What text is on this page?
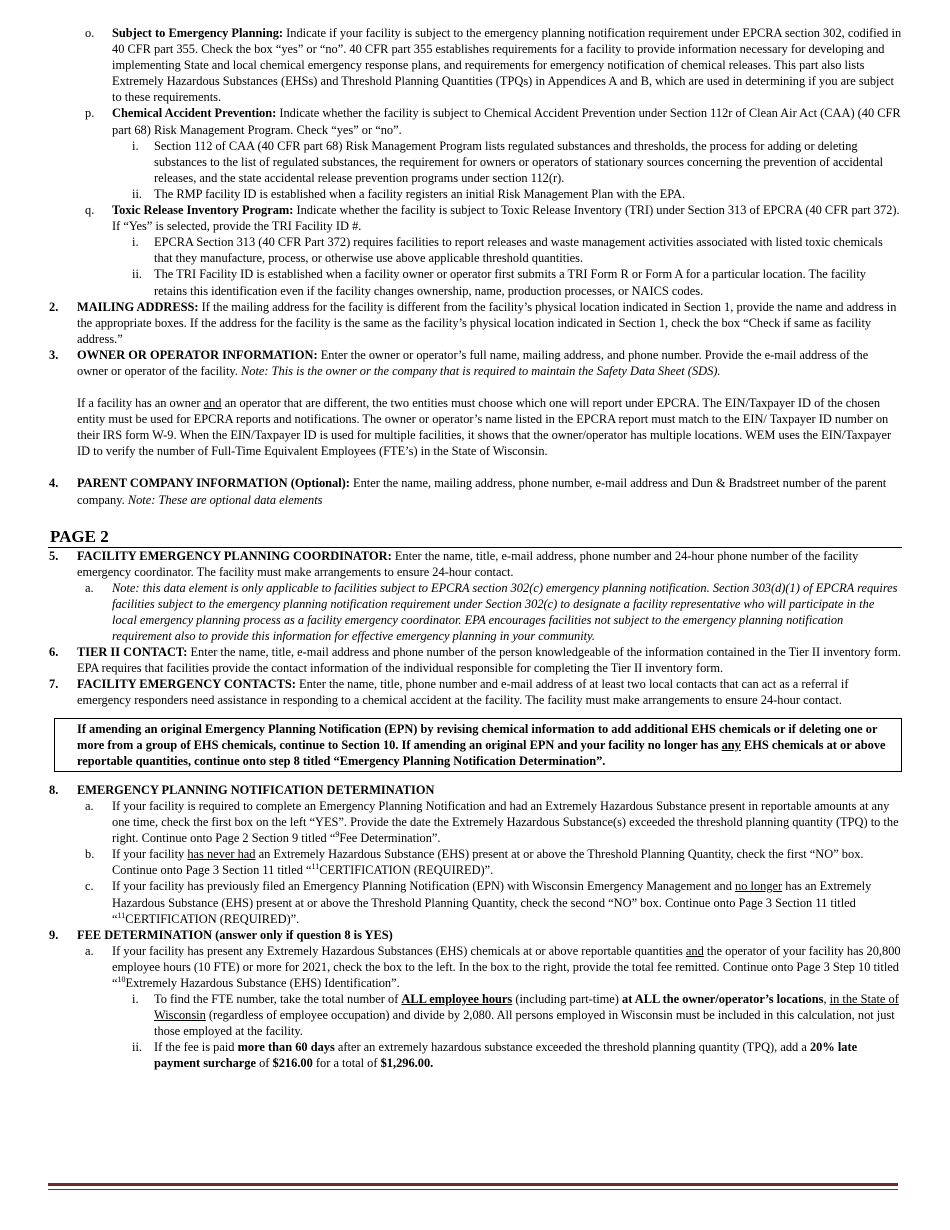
o. Subject to Emergency Planning: Indicate if your facility is subject to the emergency planning notification requirement under EPCRA section 302, codified in 40 CFR part 355. Check the box “yes” or “no”. 40 CFR part 355 establishes requirements for a facility to provide information necessary for developing and implementing State and local chemical emergency response plans, and requirements for emergency notification of chemical releases. This part also lists Extremely Hazardous Substances (EHSs) and Threshold Planning Quantities (TPQs) in Appendices A and B, which are used in determining if you are subject to these requirements.
p. Chemical Accident Prevention: Indicate whether the facility is subject to Chemical Accident Prevention under Section 112r of Clean Air Act (CAA) (40 CFR part 68) Risk Management Program. Check “yes” or “no”.
i. Section 112 of CAA (40 CFR part 68) Risk Management Program lists regulated substances and thresholds, the process for adding or deleting substances to the list of regulated substances, the requirement for owners or operators of stationary sources concerning the prevention of accidental releases, and the state accidental release prevention programs under section 112(r).
ii. The RMP facility ID is established when a facility registers an initial Risk Management Plan with the EPA.
q. Toxic Release Inventory Program: Indicate whether the facility is subject to Toxic Release Inventory (TRI) under Section 313 of EPCRA (40 CFR part 372). If “Yes” is selected, provide the TRI Facility ID #.
i. EPCRA Section 313 (40 CFR Part 372) requires facilities to report releases and waste management activities associated with listed toxic chemicals that they manufacture, process, or otherwise use above applicable threshold quantities.
ii. The TRI Facility ID is established when a facility owner or operator first submits a TRI Form R or Form A for a particular location. The facility retains this identification even if the facility changes ownership, name, production processes, or NAICS codes.
2. MAILING ADDRESS: If the mailing address for the facility is different from the facility’s physical location indicated in Section 1, provide the name and address in the appropriate boxes. If the address for the facility is the same as the facility’s physical location indicated in Section 1, check the box “Check if same as facility address.”
3. OWNER OR OPERATOR INFORMATION: Enter the owner or operator’s full name, mailing address, and phone number. Provide the e-mail address of the owner or operator of the facility. Note: This is the owner or the company that is required to maintain the Safety Data Sheet (SDS).
If a facility has an owner and an operator that are different, the two entities must choose which one will report under EPCRA. The EIN/Taxpayer ID of the chosen entity must be used for EPCRA reports and notifications. The owner or operator’s name listed in the EPCRA report must match to the EIN/ Taxpayer ID number on their IRS form W-9. When the EIN/Taxpayer ID is used for multiple facilities, it shows that the owner/operator has multiple locations. WEM uses the EIN/Taxpayer ID to verify the number of Full-Time Equivalent Employees (FTE’s) in the State of Wisconsin.
4. PARENT COMPANY INFORMATION (Optional): Enter the name, mailing address, phone number, e-mail address and Dun & Bradstreet number of the parent company. Note: These are optional data elements
PAGE 2
5. FACILITY EMERGENCY PLANNING COORDINATOR: Enter the name, title, e-mail address, phone number and 24-hour phone number of the facility emergency coordinator. The facility must make arrangements to ensure 24-hour contact.
a. Note: this data element is only applicable to facilities subject to EPCRA section 302(c) emergency planning notification. Section 303(d)(1) of EPCRA requires facilities subject to the emergency planning notification requirement under Section 302(c) to designate a facility representative who will participate in the local emergency planning process as a facility emergency coordinator. EPA encourages facilities not subject to the emergency planning notification requirement also to provide this information for effective emergency planning in your community.
6. TIER II CONTACT: Enter the name, title, e-mail address and phone number of the person knowledgeable of the information contained in the Tier II inventory form. EPA requires that facilities provide the contact information of the individual responsible for completing the Tier II inventory form.
7. FACILITY EMERGENCY CONTACTS: Enter the name, title, phone number and e-mail address of at least two local contacts that can act as a referral if emergency responders need assistance in responding to a chemical accident at the facility. The facility must make arrangements to ensure 24-hour contact.
If amending an original Emergency Planning Notification (EPN) by revising chemical information to add additional EHS chemicals or if deleting one or more from a group of EHS chemicals, continue to Section 10. If amending an original EPN and your facility no longer has any EHS chemicals at or above reportable quantities, continue onto step 8 titled “Emergency Planning Notification Determination”.
8. EMERGENCY PLANNING NOTIFICATION DETERMINATION
a. If your facility is required to complete an Emergency Planning Notification and had an Extremely Hazardous Substance present in reportable amounts at any one time, check the first box on the left “YES”. Provide the date the Extremely Hazardous Substance(s) exceeded the threshold planning quantity (TPQ) to the right. Continue onto Page 2 Section 9 titled “$^9$Fee Determination”.
b. If your facility has never had an Extremely Hazardous Substance (EHS) present at or above the Threshold Planning Quantity, check the first “NO” box. Continue onto Page 3 Section 11 titled “$^{11}$CERTIFICATION (REQUIRED)”.
c. If your facility has previously filed an Emergency Planning Notification (EPN) with Wisconsin Emergency Management and no longer has an Extremely Hazardous Substance (EHS) present at or above the Threshold Planning Quantity, check the second “NO” box. Continue onto Page 3 Section 11 titled “$^{11}$CERTIFICATION (REQUIRED)”.
9. FEE DETERMINATION (answer only if question 8 is YES)
a. If your facility has present any Extremely Hazardous Substances (EHS) chemicals at or above reportable quantities and the operator of your facility has 20,800 employee hours (10 FTE) or more for 2021, check the box to the left. In the box to the right, provide the total fee remitted. Continue onto Page 3 Step 10 titled “$^{10}$Extremely Hazardous Substance (EHS) Identification”.
i. To find the FTE number, take the total number of ALL employee hours (including part-time) at ALL the owner/operator’s locations, in the State of Wisconsin (regardless of employee occupation) and divide by 2,080. All persons employed in Wisconsin must be included in this calculation, not just those employed at the facility.
ii. If the fee is paid more than 60 days after an extremely hazardous substance exceeded the threshold planning quantity (TPQ), add a 20% late payment surcharge of $216.00 for a total of $1,296.00.
